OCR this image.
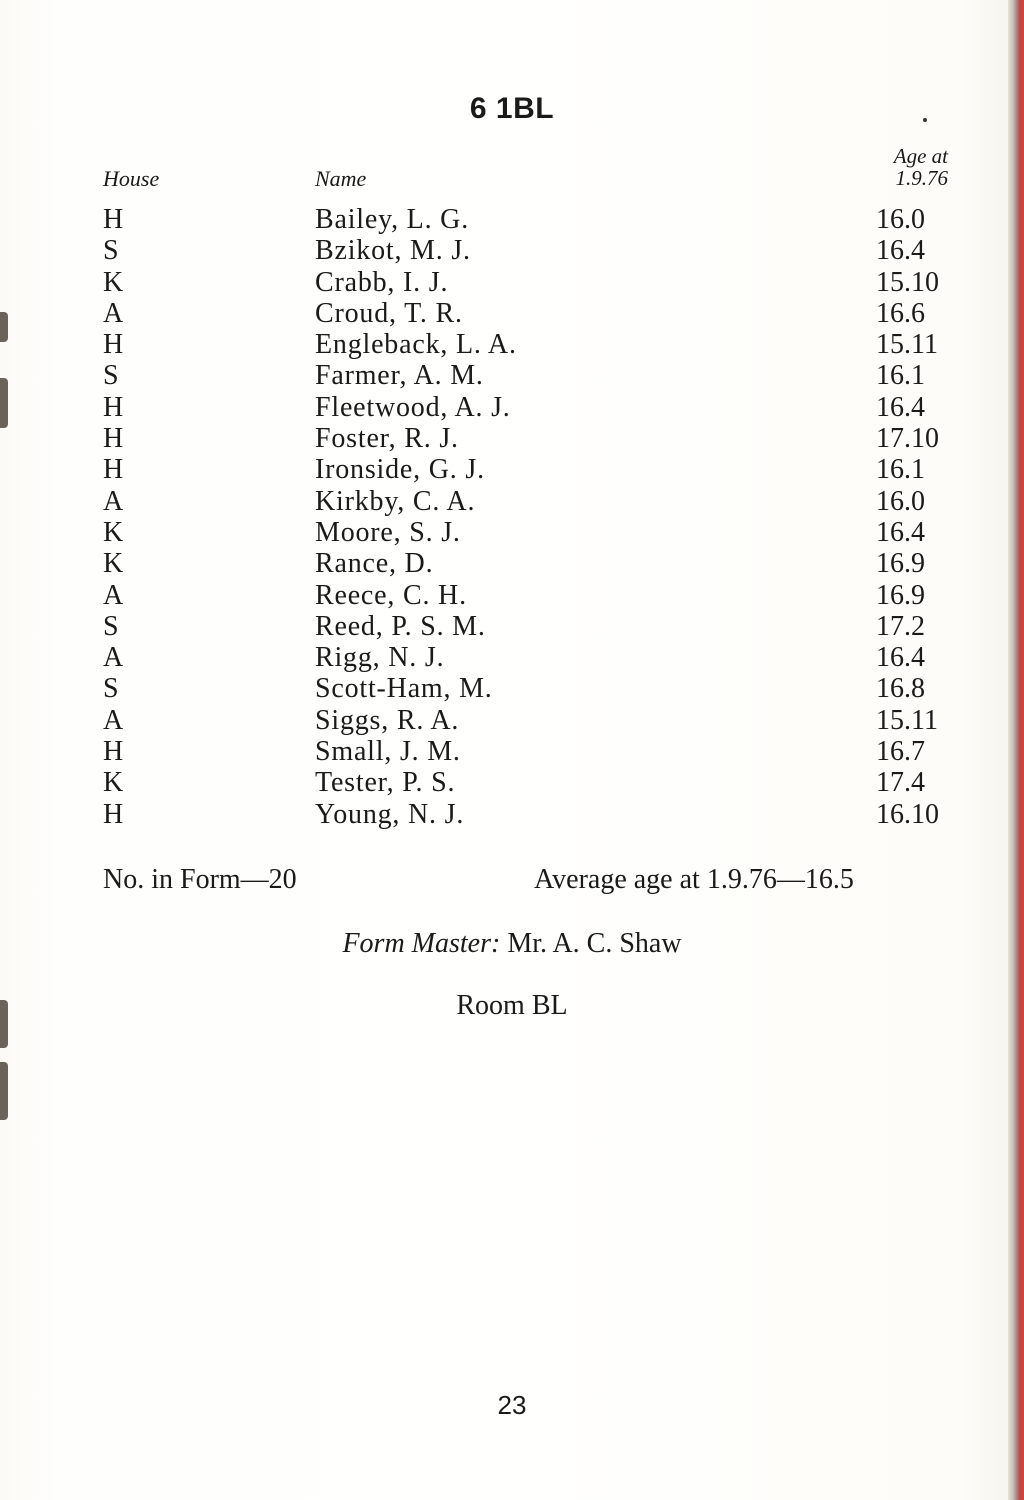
6 1BL
House	Name
Age at
1.9.76
H	Bailey, L. G.	16.0
S	Bzikot, M. J.	16.4
K	Crabb, I. J.	15.10
A	Croud, T. R.	16.6
H	Engleback, L. A.	15.11
S	Farmer, A. M.	16.1
H	Fleetwood, A. J.	16.4
H	Foster, R. J.	17.10
H	Ironside, G. J.	16.1
A	Kirkby, C. A.	16.0
K	Moore, S. J.	16.4
K	Rance, D.	16.9
A	Reece, C. H.	16.9
S	Reed, P. S. M.	17.2
A	Rigg, N. J.	16.4
S	Scott-Ham, M.	16.8
A	Siggs, R. A.	15.11
H	Small, J. M.	16.7
K	Tester, P. S.	17.4
H	Young, N. J.	16.10
No. in Form—20	Average age at 1.9.76—16.5
Form Master: Mr. A. C. Shaw
Room BL
23
